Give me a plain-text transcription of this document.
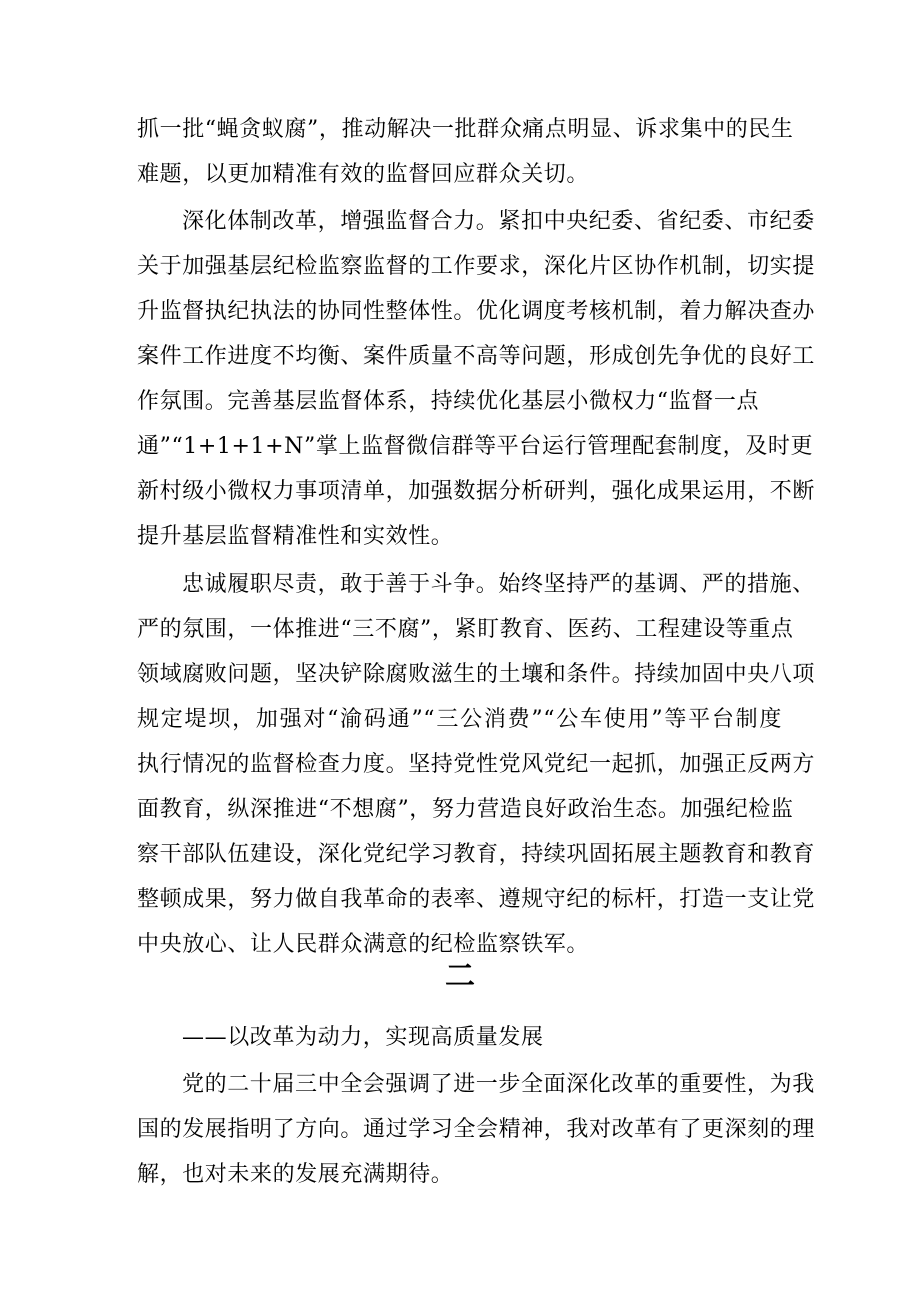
抓一批“蝇贪蚁腐”，推动解决一批群众痛点明显、诉求集中的民生

难题，以更加精准有效的监督回应群众关切。

深化体制改革，增强监督合力。紧扣中央纪委、省纪委、市纪委

关于加强基层纪检监察监督的工作要求，深化片区协作机制，切实提

升监督执纪执法的协同性整体性。优化调度考核机制，着力解决查办

案件工作进度不均衡、案件质量不高等问题，形成创先争优的良好工

作氛围。完善基层监督体系，持续优化基层小微权力“监督一点

通”“1+1+1+N”掌上监督微信群等平台运行管理配套制度，及时更

新村级小微权力事项清单，加强数据分析研判，强化成果运用，不断

提升基层监督精准性和实效性。

忠诚履职尽责，敢于善于斗争。始终坚持严的基调、严的措施、

严的氛围，一体推进“三不腐”，紧盯教育、医药、工程建设等重点

领域腐败问题，坚决铲除腐败滋生的土壤和条件。持续加固中央八项

规定堤坝，加强对“渝码通”“三公消费”“公车使用”等平台制度

执行情况的监督检查力度。坚持党性党风党纪一起抓，加强正反两方

面教育，纵深推进“不想腐”，努力营造良好政治生态。加强纪检监

察干部队伍建设，深化党纪学习教育，持续巩固拓展主题教育和教育

整顿成果，努力做自我革命的表率、遵规守纪的标杆，打造一支让党

中央放心、让人民群众满意的纪检监察铁军。

二

——以改革为动力，实现高质量发展

党的二十届三中全会强调了进一步全面深化改革的重要性，为我

国的发展指明了方向。通过学习全会精神，我对改革有了更深刻的理

解，也对未来的发展充满期待。
